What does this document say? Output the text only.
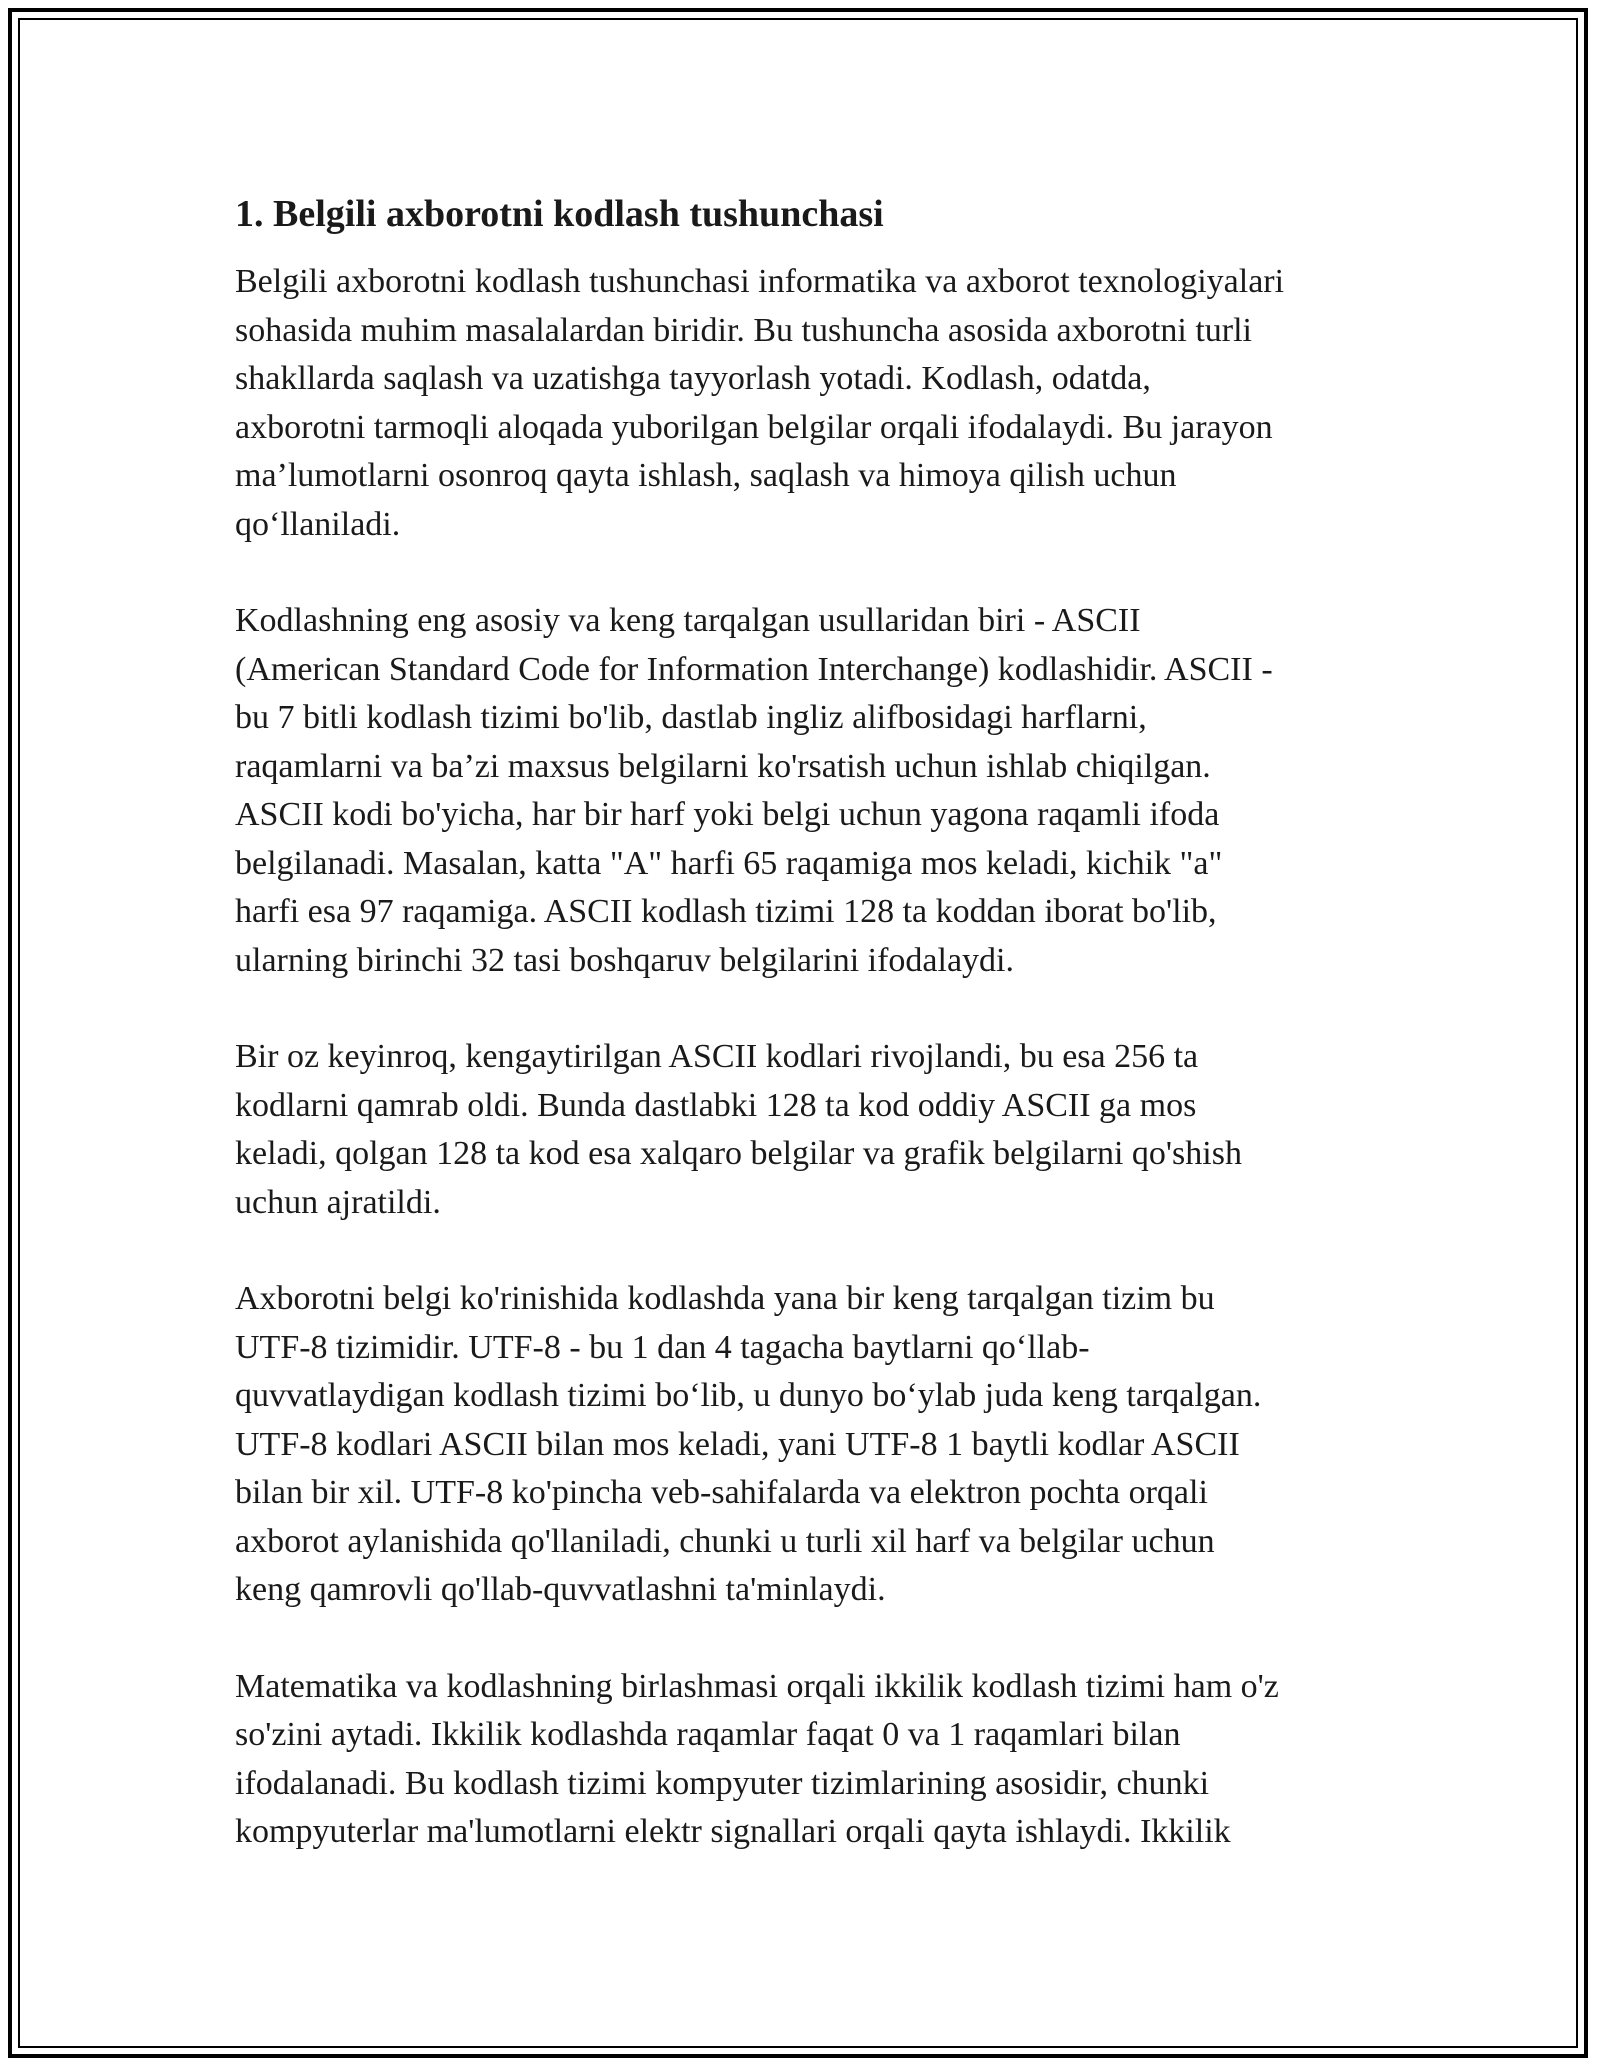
1. Belgili axborotni kodlash tushunchasi

Belgili axborotni kodlash tushunchasi informatika va axborot texnologiyalari
sohasida muhim masalalardan biridir. Bu tushuncha asosida axborotni turli
shakllarda saqlash va uzatishga tayyorlash yotadi. Kodlash, odatda,
axborotni tarmoqli aloqada yuborilgan belgilar orqali ifodalaydi. Bu jarayon
ma’lumotlarni osonroq qayta ishlash, saqlash va himoya qilish uchun
qo‘llaniladi.

Kodlashning eng asosiy va keng tarqalgan usullaridan biri - ASCII
(American Standard Code for Information Interchange) kodlashidir. ASCII -
bu 7 bitli kodlash tizimi bo'lib, dastlab ingliz alifbosidagi harflarni,
raqamlarni va ba’zi maxsus belgilarni ko'rsatish uchun ishlab chiqilgan.
ASCII kodi bo'yicha, har bir harf yoki belgi uchun yagona raqamli ifoda
belgilanadi. Masalan, katta "A" harfi 65 raqamiga mos keladi, kichik "a"
harfi esa 97 raqamiga. ASCII kodlash tizimi 128 ta koddan iborat bo'lib,
ularning birinchi 32 tasi boshqaruv belgilarini ifodalaydi.

Bir oz keyinroq, kengaytirilgan ASCII kodlari rivojlandi, bu esa 256 ta
kodlarni qamrab oldi. Bunda dastlabki 128 ta kod oddiy ASCII ga mos
keladi, qolgan 128 ta kod esa xalqaro belgilar va grafik belgilarni qo'shish
uchun ajratildi.

Axborotni belgi ko'rinishida kodlashda yana bir keng tarqalgan tizim bu
UTF-8 tizimidir. UTF-8 - bu 1 dan 4 tagacha baytlarni qo‘llab-
quvvatlaydigan kodlash tizimi bo‘lib, u dunyo bo‘ylab juda keng tarqalgan.
UTF-8 kodlari ASCII bilan mos keladi, yani UTF-8 1 baytli kodlar ASCII
bilan bir xil. UTF-8 ko'pincha veb-sahifalarda va elektron pochta orqali
axborot aylanishida qo'llaniladi, chunki u turli xil harf va belgilar uchun
keng qamrovli qo'llab-quvvatlashni ta'minlaydi.

Matematika va kodlashning birlashmasi orqali ikkilik kodlash tizimi ham o'z
so'zini aytadi. Ikkilik kodlashda raqamlar faqat 0 va 1 raqamlari bilan
ifodalanadi. Bu kodlash tizimi kompyuter tizimlarining asosidir, chunki
kompyuterlar ma'lumotlarni elektr signallari orqali qayta ishlaydi. Ikkilik
